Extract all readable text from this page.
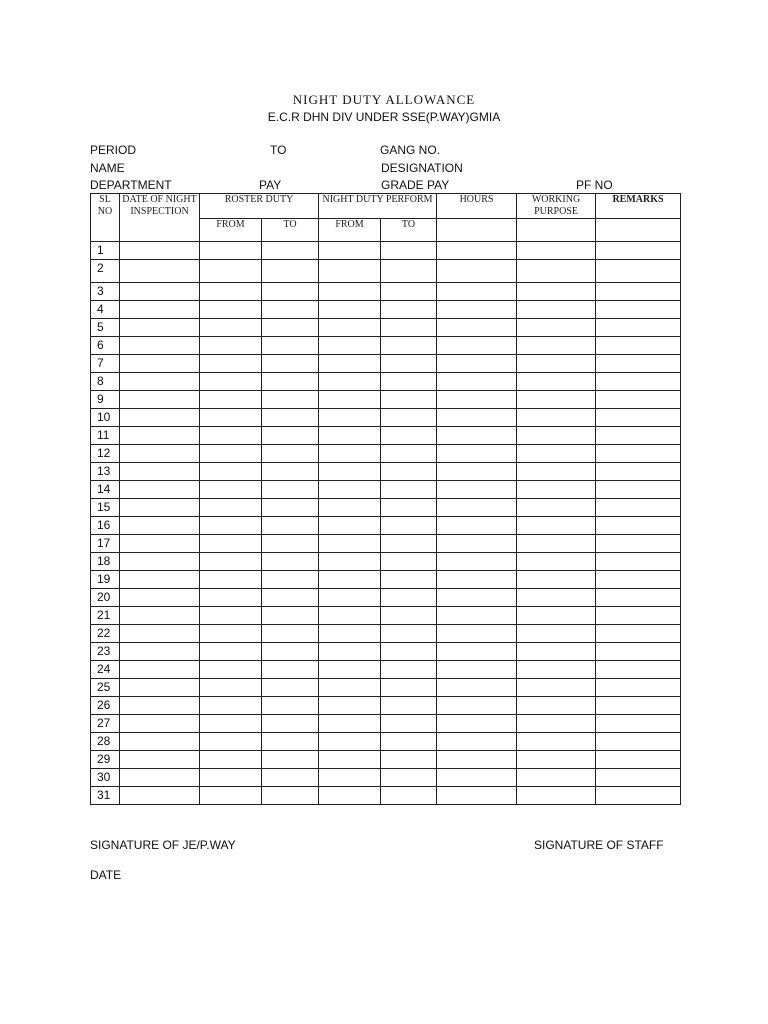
NIGHT DUTY ALLOWANCE
E.C.R DHN DIV UNDER SSE(P.WAY)GMIA
PERIOD	TO	GANG NO.
NAME	DESIGNATION
DEPARTMENT	PAY	GRADE PAY	PF NO
SL NO	DATE OF NIGHT INSPECTION	ROSTER DUTY		NIGHT DUTY PERFORM		HOURS	WORKING PURPOSE	REMARKS
		FROM	TO	FROM	TO			
1								
2								
3								
4								
5								
6								
7								
8								
9								
10								
11								
12								
13								
14								
15								
16								
17								
18								
19								
20								
21								
22								
23								
24								
25								
26								
27								
28								
29								
30								
31								
SIGNATURE OF JE/P.WAY	SIGNATURE OF STAFF
DATE
